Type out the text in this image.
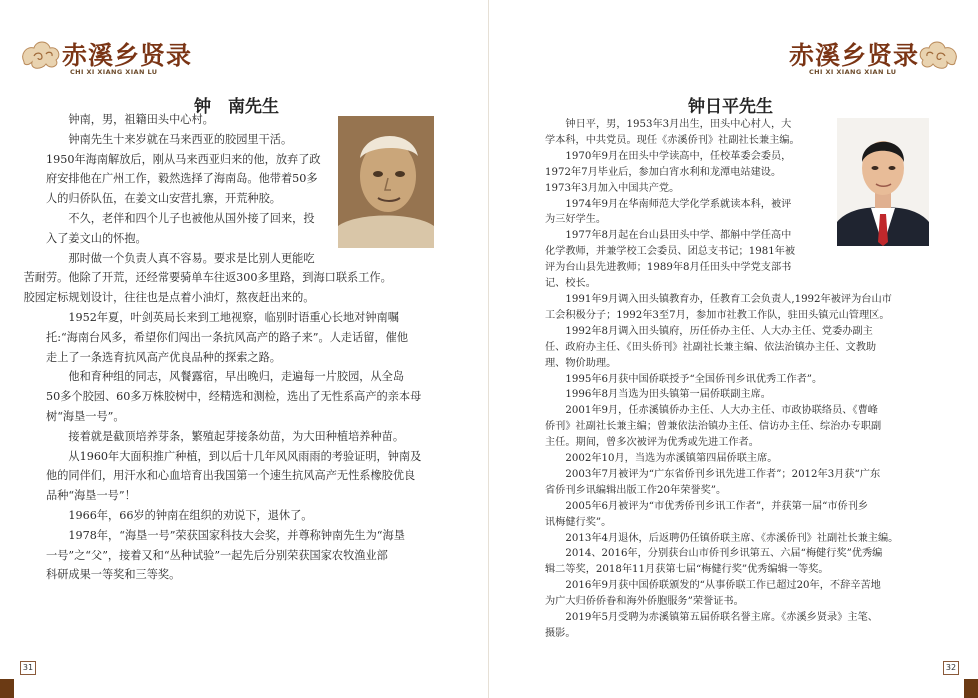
赤溪乡贤录
CHI XI XIANG XIAN LU
钟　南先生

钟南，男，祖籍田头中心村。

钟南先生十来岁就在马来西亚的胶园里干活。

1950年海南解放后，刚从马来西亚归来的他，放弃了政
府安排他在广州工作，毅然选择了海南岛。他带着50多
人的归侨队伍，在姜文山安营扎寨，开荒种胶。

不久，老伴和四个儿子也被他从国外接了回来，投
入了姜文山的怀抱。

那时做一个负责人真不容易。要求是比别人更能吃
苦耐劳。他除了开荒，还经常要骑单车往返300多里路，到海口联系工作。
胶园定标规划设计，往往也是点着小油灯，熬夜赶出来的。

1952年夏，叶剑英局长来到工地视察，临别时语重心长地对钟南嘱
托:“海南台风多，希望你们闯出一条抗风高产的路子来”。人走话留，催他
走上了一条选育抗风高产优良品种的探索之路。

他和育种组的同志，风餐露宿，早出晚归，走遍每一片胶园，从全岛
50多个胶园、60多万株胶树中，经精选和测检，选出了无性系高产的亲本母
树“海垦一号”。

接着就是截顶培养芽条，繁殖起芽接条幼苗，为大田种植培养种苗。

从1960年大面积推广种植，到以后十几年风风雨雨的考验证明，钟南及
他的同伴们，用汗水和心血培育出我国第一个速生抗风高产无性系橡胶优良
品种“海垦一号”！

1966年，66岁的钟南在组织的劝说下，退休了。

1978年，“海垦一号”荣获国家科技大会奖，并尊称钟南先生为“海垦
一号”之“父”，接着又和“丛种试验”一起先后分别荣获国家农牧渔业部
科研成果一等奖和三等奖。

31
赤溪乡贤录
CHI XI XIANG XIAN LU
钟日平先生

钟日平，男，1953年3月出生，田头中心村人，大
学本科，中共党员。现任《赤溪侨刊》社副社长兼主编。

1970年9月在田头中学读高中，任校革委会委员，
1972年7月毕业后，参加白宵水利和龙潭电站建设。
1973年3月加入中国共产党。

1974年9月在华南师范大学化学系就读本科，被评
为三好学生。

1977年8月起在台山县田头中学、都斛中学任高中
化学教师，并兼学校工会委员、团总支书记；1981年被
评为台山县先进教师；1989年8月任田头中学党支部书
记、校长。

1991年9月调入田头镇教育办，任教育工会负责人,1992年被评为台山市
工会积极分子；1992年3至7月，参加市社教工作队，驻田头镇元山管理区。

1992年8月调入田头镇府，历任侨办主任、人大办主任、党委办副主
任、政府办主任、《田头侨刊》社副社长兼主编、依法治镇办主任、文教助
理、物价助理。

1995年6月获中国侨联授予“全国侨刊乡讯优秀工作者”。

1996年8月当选为田头镇第一届侨联副主席。

2001年9月，任赤溪镇侨办主任、人大办主任、市政协联络员、《曹峰
侨刊》社副社长兼主编；曾兼依法治镇办主任、信访办主任、综治办专职副
主任。期间，曾多次被评为优秀或先进工作者。

2002年10月，当选为赤溪镇第四届侨联主席。

2003年7月被评为“广东省侨刊乡讯先进工作者”；2012年3月获“广东
省侨刊乡讯编辑出版工作20年荣誉奖”。

2005年6月被评为“市优秀侨刊乡讯工作者”，并获第一届“市侨刊乡
讯梅健行奖”。

2013年4月退休，后返聘仍任镇侨联主席、《赤溪侨刊》社副社长兼主编。

2014、2016年，分别获台山市侨刊乡讯第五、六届“梅健行奖”优秀编
辑二等奖，2018年11月获第七届“梅健行奖”优秀编辑一等奖。

2016年9月获中国侨联颁发的“从事侨联工作已超过20年，不辞辛苦地
为广大归侨侨眷和海外侨胞服务”荣誉证书。

2019年5月受聘为赤溪镇第五届侨联名誉主席。《赤溪乡贤录》主笔、
摄影。

32
